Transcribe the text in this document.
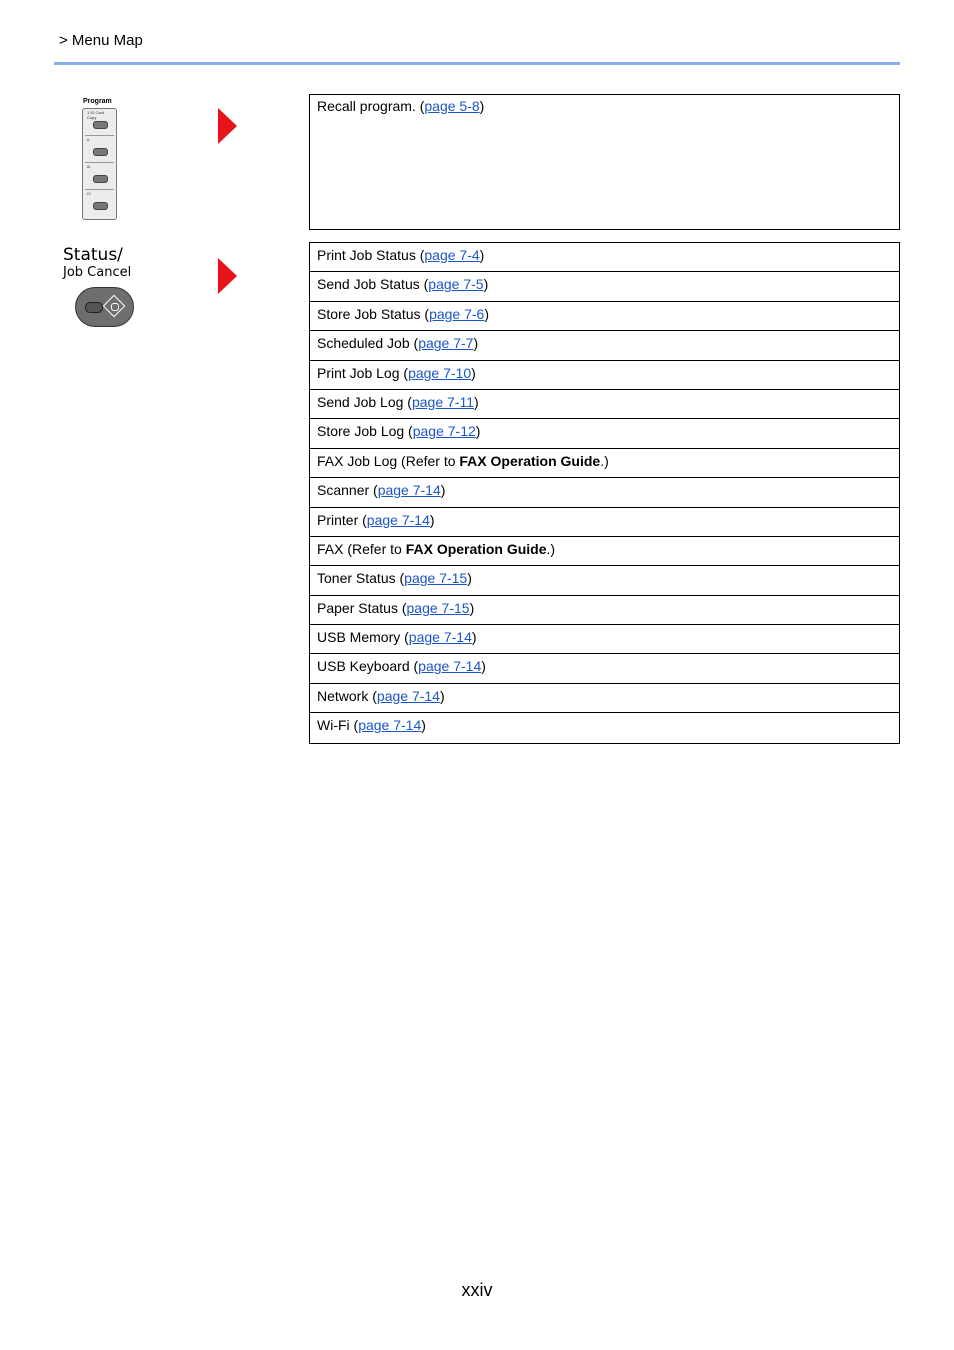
> Menu Map
Program
1 ID Card Copy
II.
III.
IV.
Recall program. (page 5-8)
Status/
Job Cancel
Print Job Status (page 7-4)
Send Job Status (page 7-5)
Store Job Status (page 7-6)
Scheduled Job (page 7-7)
Print Job Log (page 7-10)
Send Job Log (page 7-11)
Store Job Log (page 7-12)
FAX Job Log (Refer to FAX Operation Guide.)
Scanner (page 7-14)
Printer (page 7-14)
FAX (Refer to FAX Operation Guide.)
Toner Status (page 7-15)
Paper Status (page 7-15)
USB Memory (page 7-14)
USB Keyboard (page 7-14)
Network (page 7-14)
Wi-Fi (page 7-14)
xxiv
